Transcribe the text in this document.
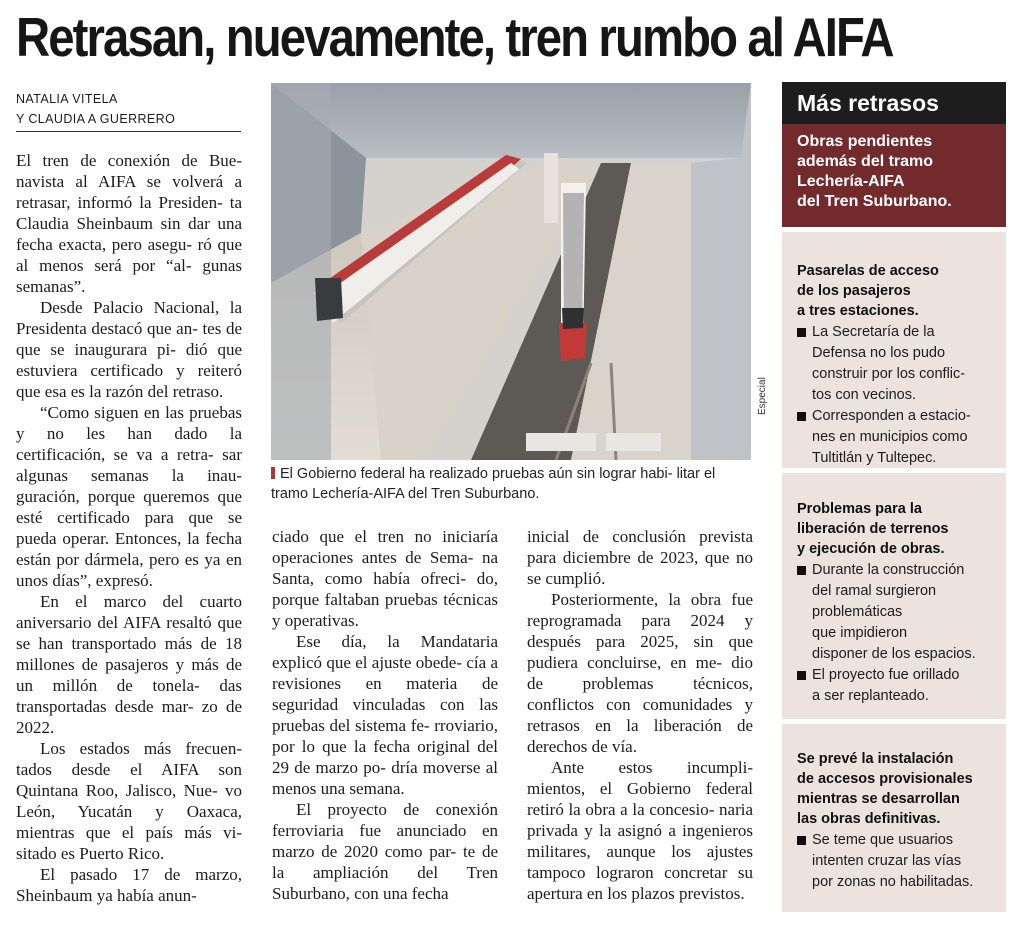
Retrasan, nuevamente, tren rumbo al AIFA
NATALIA VITELA
Y CLAUDIA A GUERRERO

El tren de conexión de Bue- navista al AIFA se volverá a retrasar, informó la Presiden- ta Claudia Sheinbaum sin dar una fecha exacta, pero asegu- ró que al menos será por “al- gunas semanas”.

Desde Palacio Nacional, la Presidenta destacó que an- tes de que se inaugurara pi- dió que estuviera certificado y reiteró que esa es la razón del retraso.

“Como siguen en las pruebas y no les han dado la certificación, se va a retra- sar algunas semanas la inau- guración, porque queremos que esté certificado para que se pueda operar. Entonces, la fecha están por dármela, pero es ya en unos días”, expresó.

En el marco del cuarto aniversario del AIFA resaltó que se han transportado más de 18 millones de pasajeros y más de un millón de tonela- das transportadas desde mar- zo de 2022.

Los estados más frecuen- tados desde el AIFA son Quintana Roo, Jalisco, Nue- vo León, Yucatán y Oaxaca, mientras que el país más vi- sitado es Puerto Rico.

El pasado 17 de marzo, Sheinbaum ya había anun-

Especial
El Gobierno federal ha realizado pruebas aún sin lograr habi- litar el tramo Lechería-AIFA del Tren Suburbano.

ciado que el tren no iniciaría operaciones antes de Sema- na Santa, como había ofreci- do, porque faltaban pruebas técnicas y operativas.

Ese día, la Mandataria explicó que el ajuste obede- cía a revisiones en materia de seguridad vinculadas con las pruebas del sistema fe- rroviario, por lo que la fecha original del 29 de marzo po- dría moverse al menos una semana.

El proyecto de conexión ferroviaria fue anunciado en marzo de 2020 como par- te de la ampliación del Tren Suburbano, con una fecha

inicial de conclusión prevista para diciembre de 2023, que no se cumplió.

Posteriormente, la obra fue reprogramada para 2024 y después para 2025, sin que pudiera concluirse, en me- dio de problemas técnicos, conflictos con comunidades y retrasos en la liberación de derechos de vía.

Ante estos incumpli- mientos, el Gobierno federal retiró la obra a la concesio- naria privada y la asignó a ingenieros militares, aunque los ajustes tampoco lograron concretar su apertura en los plazos previstos.

Más retrasos
Obras pendientes
además del tramo
Lechería-AIFA
del Tren Suburbano.
Pasarelas de acceso
de los pasajeros
a tres estaciones.
La Secretaría de la
Defensa no los pudo
construir por los conflic-
tos con vecinos.
Corresponden a estacio-
nes en municipios como
Tultitlán y Tultepec.
Problemas para la
liberación de terrenos
y ejecución de obras.
Durante la construcción
del ramal surgieron
problemáticas
que impidieron
disponer de los espacios.
El proyecto fue orillado
a ser replanteado.
Se prevé la instalación
de accesos provisionales
mientras se desarrollan
las obras definitivas.
Se teme que usuarios
intenten cruzar las vías
por zonas no habilitadas.
